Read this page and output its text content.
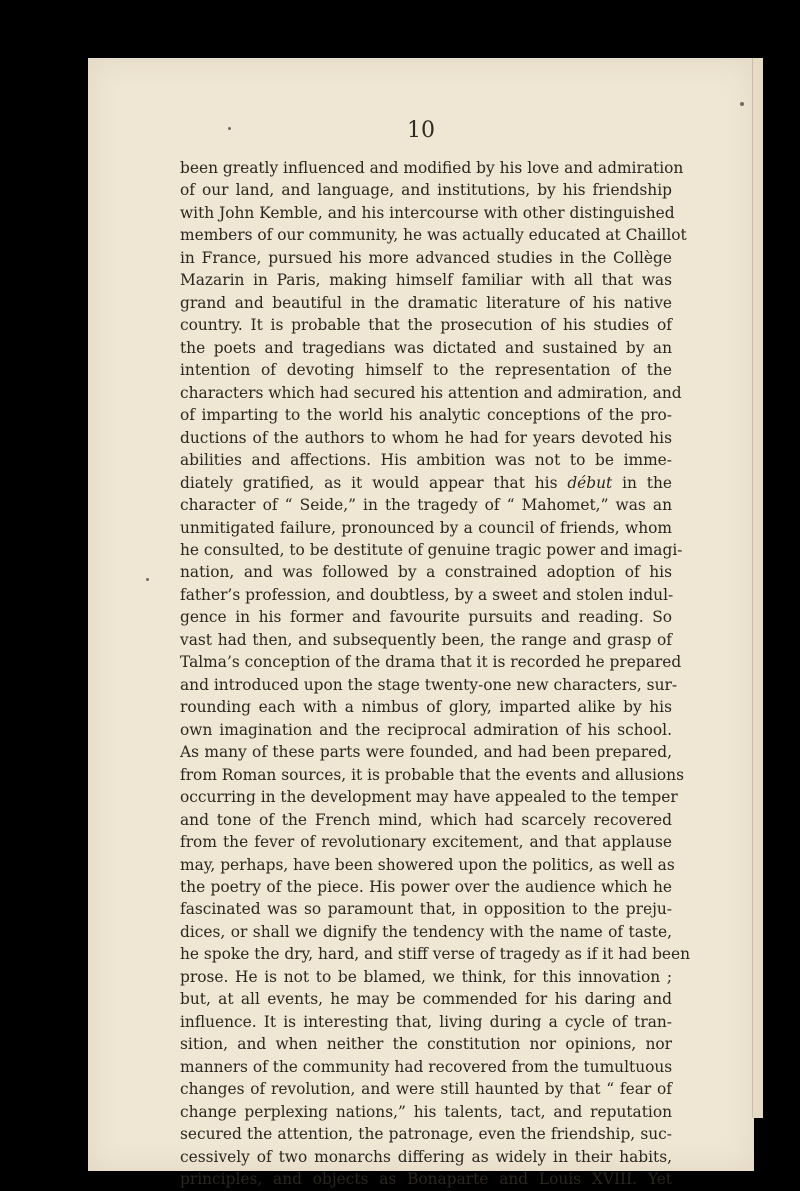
10
been greatly influenced and modified by his love and admiration
of our land, and language, and institutions, by his friendship
with John Kemble, and his intercourse with other distinguished
members of our community, he was actually educated at Chaillot
in France, pursued his more advanced studies in the Collège
Mazarin in Paris, making himself familiar with all that was
grand and beautiful in the dramatic literature of his native
country. It is probable that the prosecution of his studies of
the poets and tragedians was dictated and sustained by an
intention of devoting himself to the representation of the
characters which had secured his attention and admiration, and
of imparting to the world his analytic conceptions of the pro-
ductions of the authors to whom he had for years devoted his
abilities and affections. His ambition was not to be imme-
diately gratified, as it would appear that his début in the
character of “ Seide,” in the tragedy of “ Mahomet,” was an
unmitigated failure, pronounced by a council of friends, whom
he consulted, to be destitute of genuine tragic power and imagi-
nation, and was followed by a constrained adoption of his
father’s profession, and doubtless, by a sweet and stolen indul-
gence in his former and favourite pursuits and reading. So
vast had then, and subsequently been, the range and grasp of
Talma’s conception of the drama that it is recorded he prepared
and introduced upon the stage twenty-one new characters, sur-
rounding each with a nimbus of glory, imparted alike by his
own imagination and the reciprocal admiration of his school.
As many of these parts were founded, and had been prepared,
from Roman sources, it is probable that the events and allusions
occurring in the development may have appealed to the temper
and tone of the French mind, which had scarcely recovered
from the fever of revolutionary excitement, and that applause
may, perhaps, have been showered upon the politics, as well as
the poetry of the piece. His power over the audience which he
fascinated was so paramount that, in opposition to the preju-
dices, or shall we dignify the tendency with the name of taste,
he spoke the dry, hard, and stiff verse of tragedy as if it had been
prose. He is not to be blamed, we think, for this innovation ;
but, at all events, he may be commended for his daring and
influence. It is interesting that, living during a cycle of tran-
sition, and when neither the constitution nor opinions, nor
manners of the community had recovered from the tumultuous
changes of revolution, and were still haunted by that “ fear of
change perplexing nations,” his talents, tact, and reputation
secured the attention, the patronage, even the friendship, suc-
cessively of two monarchs differing as widely in their habits,
principles, and objects as Bonaparte and Louis XVIII. Yet
